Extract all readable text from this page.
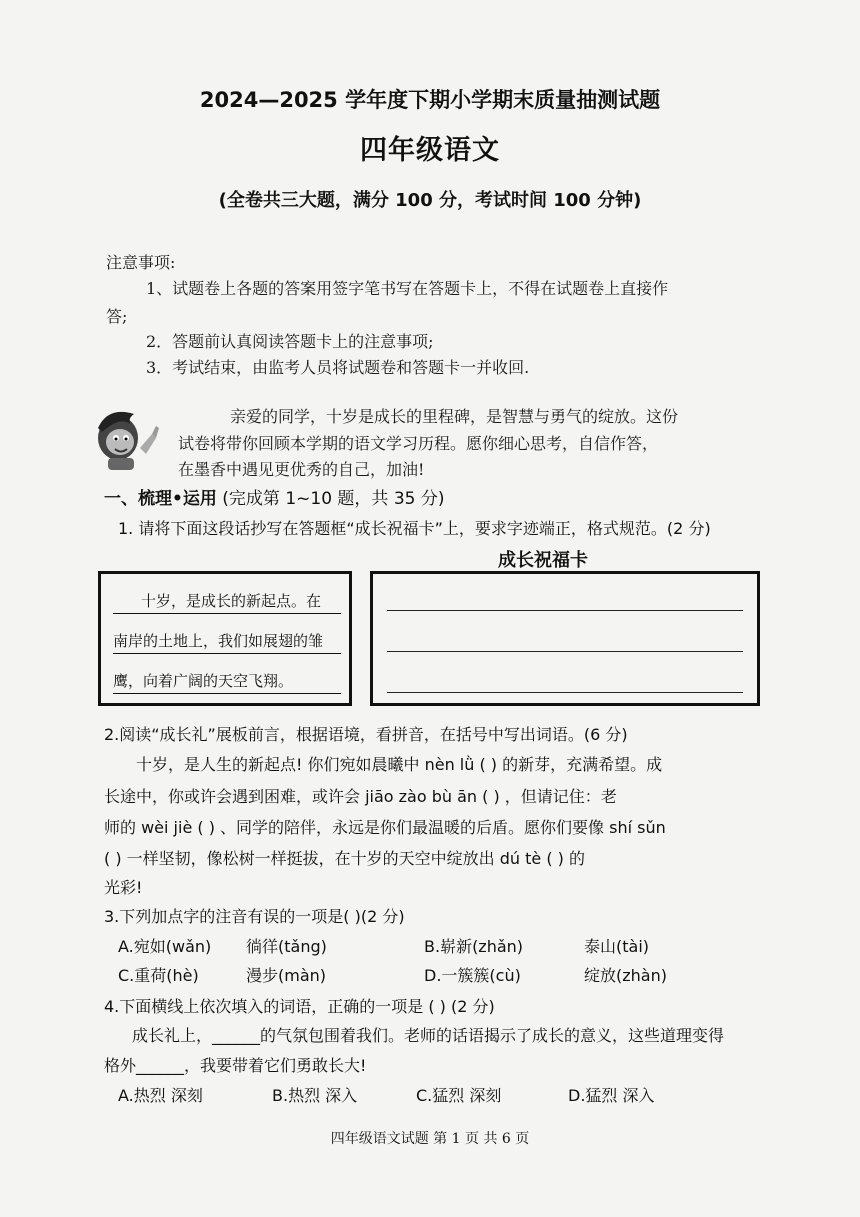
2024—2025 学年度下期小学期末质量抽测试题
四年级语文
(全卷共三大题，满分 100 分，考试时间 100 分钟)
注意事项:
1、试题卷上各题的答案用签字笔书写在答题卡上，不得在试题卷上直接作
答;
2．答题前认真阅读答题卡上的注意事项;
3．考试结束，由监考人员将试题卷和答题卡一并收回.
亲爱的同学，十岁是成长的里程碑，是智慧与勇气的绽放。这份
试卷将带你回顾本学期的语文学习历程。愿你细心思考，自信作答，
在墨香中遇见更优秀的自己，加油!
一、梳理•运用 (完成第 1~10 题，共 35 分)
1. 请将下面这段话抄写在答题框“成长祝福卡”上，要求字迹端正，格式规范。(2 分)
成长祝福卡
十岁，是成长的新起点。在
南岸的土地上，我们如展翅的雏
鹰，向着广阔的天空飞翔。
2.阅读“成长礼”展板前言，根据语境，看拼音，在括号中写出词语。(6 分)
十岁，是人生的新起点! 你们宛如晨曦中 nèn lǜ ( ) 的新芽，充满希望。成
长途中，你或许会遇到困难，或许会 jiāo zào bù ān ( ) ，但请记住：老
师的 wèi jiè ( ) 、同学的陪伴，永远是你们最温暖的后盾。愿你们要像 shí sǔn
( ) 一样坚韧，像松树一样挺拔，在十岁的天空中绽放出 dú tè ( ) 的
光彩!
3.下列加点字的注音有误的一项是( )(2 分)
A.宛如(wǎn) 徜徉(tǎng)	B.崭新(zhǎn)	泰山(tài)
C.重荷(hè)	漫步(màn)	D.一簇簇(cù)	绽放(zhàn)
4.下面横线上依次填入的词语，正确的一项是 ( ) (2 分)
成长礼上，______的气氛包围着我们。老师的话语揭示了成长的意义，这些道理变得
格外______，我要带着它们勇敢长大!
A.热烈 深刻	B.热烈 深入	C.猛烈 深刻	D.猛烈 深入
四年级语文试题 第 1 页 共 6 页
